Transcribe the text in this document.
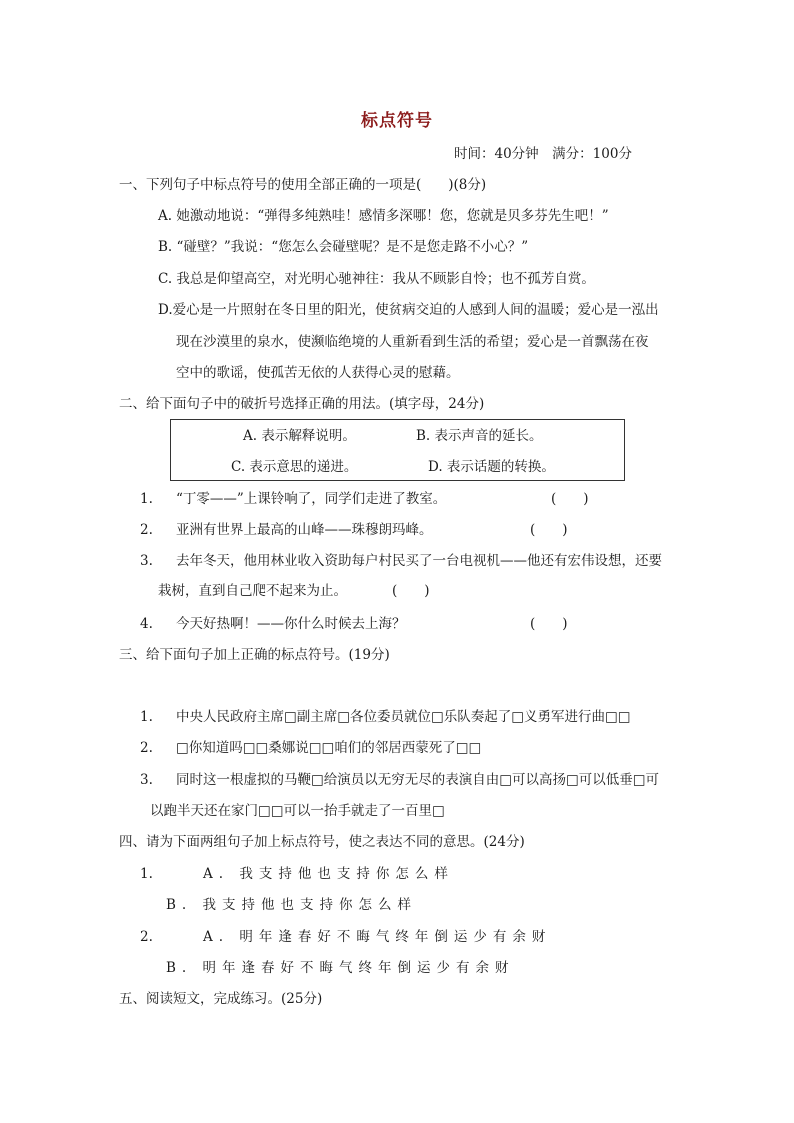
标点符号
时间：40分钟　满分：100分
一、下列句子中标点符号的使用全部正确的一项是(　　)(8分)
A. 她激动地说：“弹得多纯熟哇！感情多深哪！您，您就是贝多芬先生吧！”
B. “碰壁？”我说：“您怎么会碰壁呢？是不是您走路不小心？”
C. 我总是仰望高空，对光明心驰神往：我从不顾影自怜；也不孤芳自赏。
D.爱心是一片照射在冬日里的阳光，使贫病交迫的人感到人间的温暖；爱心是一泓出
现在沙漠里的泉水，使濒临绝境的人重新看到生活的希望；爱心是一首飘荡在夜
空中的歌谣，使孤苦无依的人获得心灵的慰藉。
二、给下面句子中的破折号选择正确的用法。(填字母，24分)
A. 表示解释说明。	B. 表示声音的延长。
C. 表示意思的递进。	D. 表示话题的转换。
1. “丁零——”上课铃响了，同学们走进了教室。	(　　)
2. 亚洲有世界上最高的山峰——珠穆朗玛峰。	(　　)
3. 去年冬天，他用林业收入资助每户村民买了一台电视机——他还有宏伟设想，还要
栽树，直到自己爬不起来为止。	(　　)
4. 今天好热啊！——你什么时候去上海？	(　　)
三、给下面句子加上正确的标点符号。(19分)
1. 中央人民政府主席□副主席□各位委员就位□乐队奏起了□义勇军进行曲□□
2. □你知道吗□□桑娜说□□咱们的邻居西蒙死了□□
3. 同时这一根虚拟的马鞭□给演员以无穷无尽的表演自由□可以高扬□可以低垂□可
以跑半天还在家门□□可以一抬手就走了一百里□
四、请为下面两组句子加上标点符号，使之表达不同的意思。(24分)
1.	A. 我支持他也支持你怎么样
B. 我支持他也支持你怎么样
2.	A. 明年逢春好不晦气终年倒运少有余财
B. 明年逢春好不晦气终年倒运少有余财
五、阅读短文，完成练习。(25分)
